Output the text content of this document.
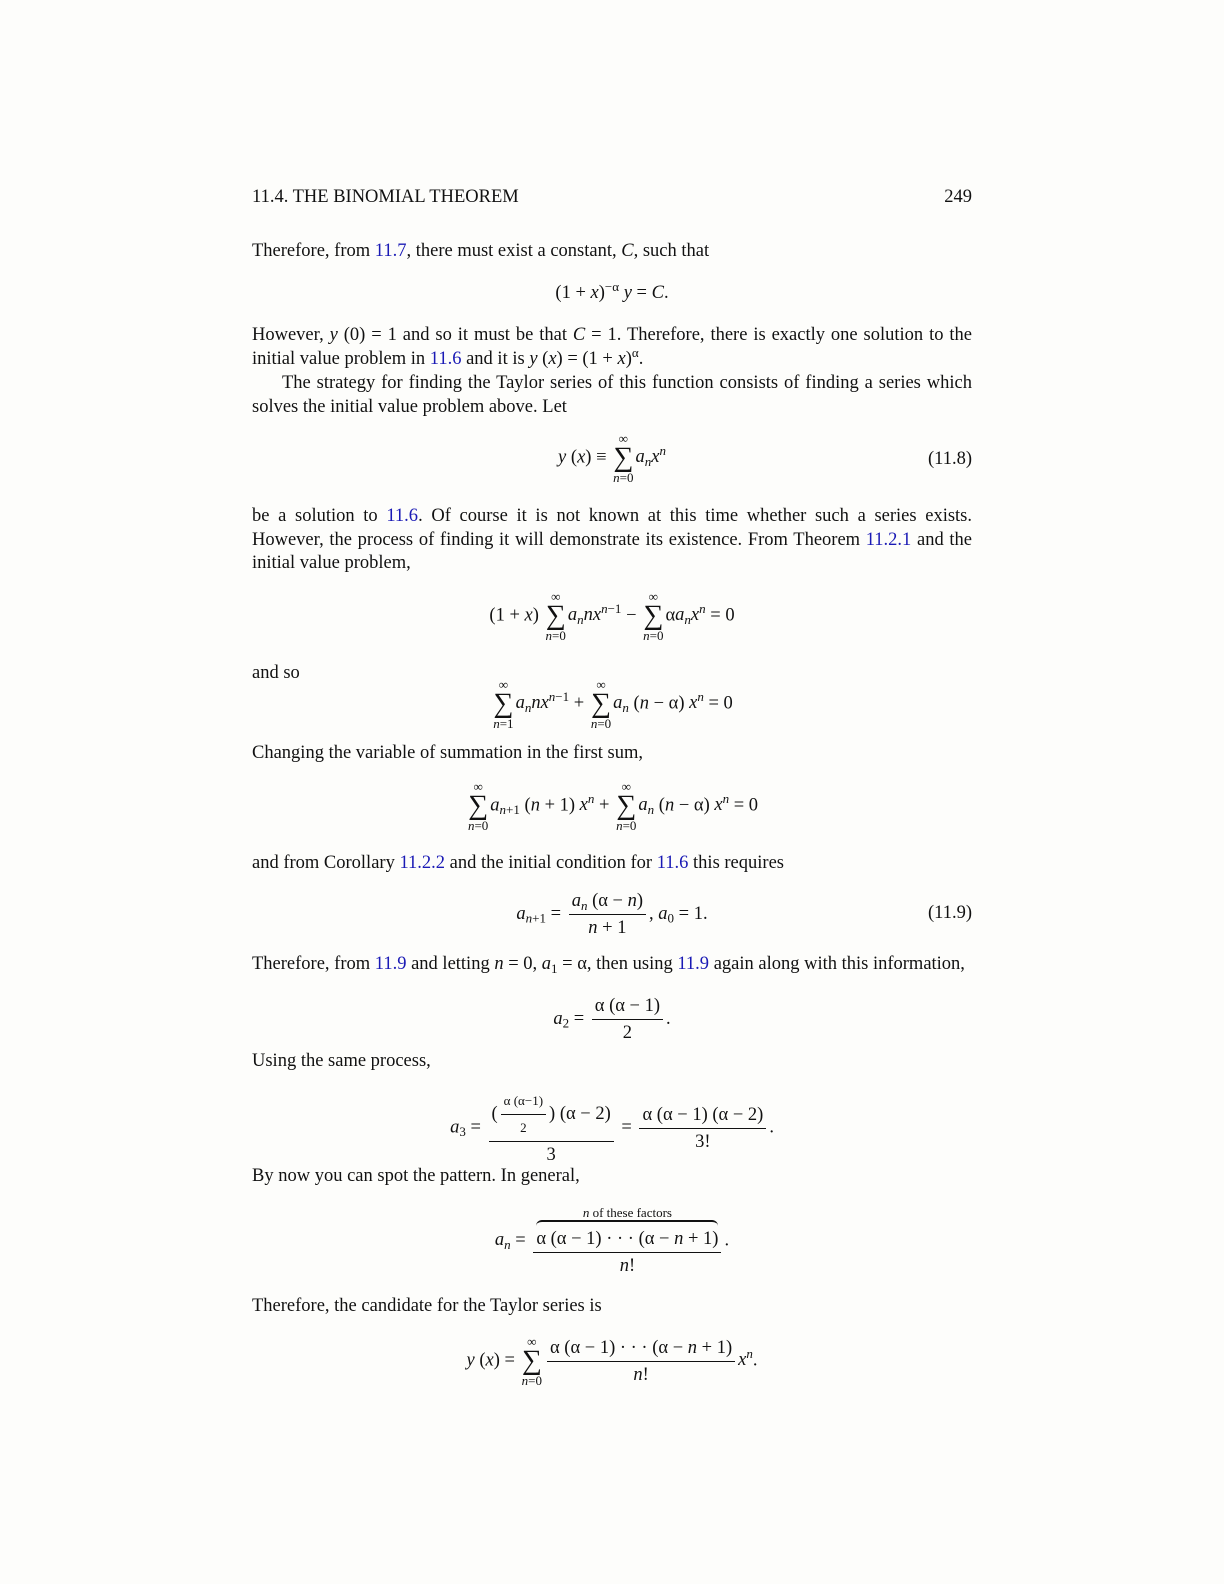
11.4. THE BINOMIAL THEOREM	249
Therefore, from 11.7, there must exist a constant, C, such that
$(1 + x)^{-\alpha}$ y = C.
However, y (0) = 1 and so it must be that C = 1. Therefore, there is exactly one solution to the initial value problem in 11.6 and it is y $(x) = (1 + x)^\alpha$.
The strategy for finding the Taylor series of this function consists of finding a series which solves the initial value problem above. Let
y (x) ≡
∞
∑
n=0
$a_nx^n$	(11.8)
be a solution to 11.6. Of course it is not known at this time whether such a series exists. However, the process of finding it will demonstrate its existence. From Theorem 11.2.1 and the initial value problem,
(1 + x)
∞
∑
n=0
$a_nnx^{n-1}$ −
∞
∑
n=0
$\alpha a_nx^n = 0$
and so
∞
∑
n=1
$a_nnx^{n-1}$ +
∞
∑
n=0
$a_n$ (n − α) $x^n = 0$
Changing the variable of summation in the first sum,
∞
∑
n=0
$a_{n+1}$ (n + 1) $x^n$ +
∞
∑
n=0
$a_n$ (n − α) $x^n = 0$
and from Corollary 11.2.2 and the initial condition for 11.6 this requires
$a_{n+1} = \frac{a_n (\alpha - n)}{n + 1}$ , $a_0 = 1$.	(11.9)
Therefore, from 11.9 and letting n = 0, $a_1 = \alpha$, then using 11.9 again along with this information,
$a_2 = \frac{\alpha (\alpha - 1)}{2}$ .
Using the same process,
$a_3 = \frac{( \frac{\alpha (\alpha-1)}{2} ) (\alpha - 2)}{3} = \frac{\alpha (\alpha - 1) (\alpha - 2)}{3!}$ .
By now you can spot the pattern. In general,
$a_n = n$ of these factors
α (α − 1) · · · (α − n + 1)
n! .
Therefore, the candidate for the Taylor series is
y (x) =
∞
∑
$n=0 \frac{\alpha (\alpha - 1) \cdot \cdot \cdot (\alpha - n + 1)}{n!} x^n$.
